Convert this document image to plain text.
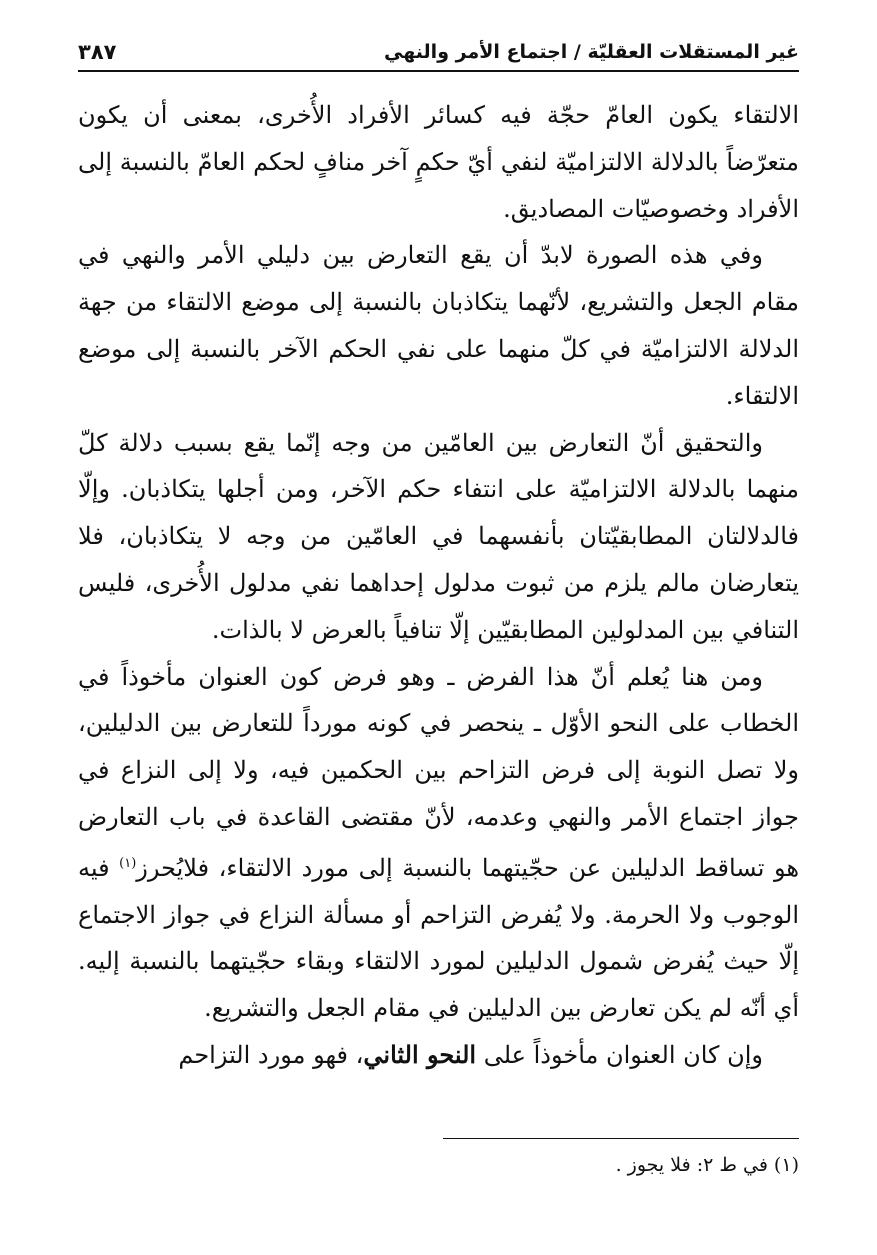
غير المستقلات العقليّة / اجتماع الأمر والنهي
٣٨٧

الالتقاء يكون العامّ حجّة فيه كسائر الأفراد الأُخرى، بمعنى أن يكون متعرّضاً بالدلالة الالتزاميّة لنفي أيّ حكمٍ آخر منافٍ لحكم العامّ بالنسبة إلى الأفراد وخصوصيّات المصاديق.

وفي هذه الصورة لابدّ أن يقع التعارض بين دليلي الأمر والنهي في مقام الجعل والتشريع، لأنّهما يتكاذبان بالنسبة إلى موضع الالتقاء من جهة الدلالة الالتزاميّة في كلّ منهما على نفي الحكم الآخر بالنسبة إلى موضع الالتقاء.

والتحقيق أنّ التعارض بين العامّين من وجه إنّما يقع بسبب دلالة كلّ منهما بالدلالة الالتزاميّة على انتفاء حكم الآخر، ومن أجلها يتكاذبان. وإلّا فالدلالتان المطابقيّتان بأنفسهما في العامّين من وجه لا يتكاذبان، فلا يتعارضان مالم يلزم من ثبوت مدلول إحداهما نفي مدلول الأُخرى، فليس التنافي بين المدلولين المطابقيّين إلّا تنافياً بالعرض لا بالذات.

ومن هنا يُعلم أنّ هذا الفرض ـ وهو فرض كون العنوان مأخوذاً في الخطاب على النحو الأوّل ـ ينحصر في كونه مورداً للتعارض بين الدليلين، ولا تصل النوبة إلى فرض التزاحم بين الحكمين فيه، ولا إلى النزاع في جواز اجتماع الأمر والنهي وعدمه، لأنّ مقتضى القاعدة في باب التعارض هو تساقط الدليلين عن حجّيتهما بالنسبة إلى مورد الالتقاء، فلايُحرز$^{(١)}$ فيه الوجوب ولا الحرمة. ولا يُفرض التزاحم أو مسألة النزاع في جواز الاجتماع إلّا حيث يُفرض شمول الدليلين لمورد الالتقاء وبقاء حجّيتهما بالنسبة إليه. أي أنّه لم يكن تعارض بين الدليلين في مقام الجعل والتشريع.

وإن كان العنوان مأخوذاً على النحو الثاني، فهو مورد التزاحم

(١) في ط ٢: فلا يجوز .
